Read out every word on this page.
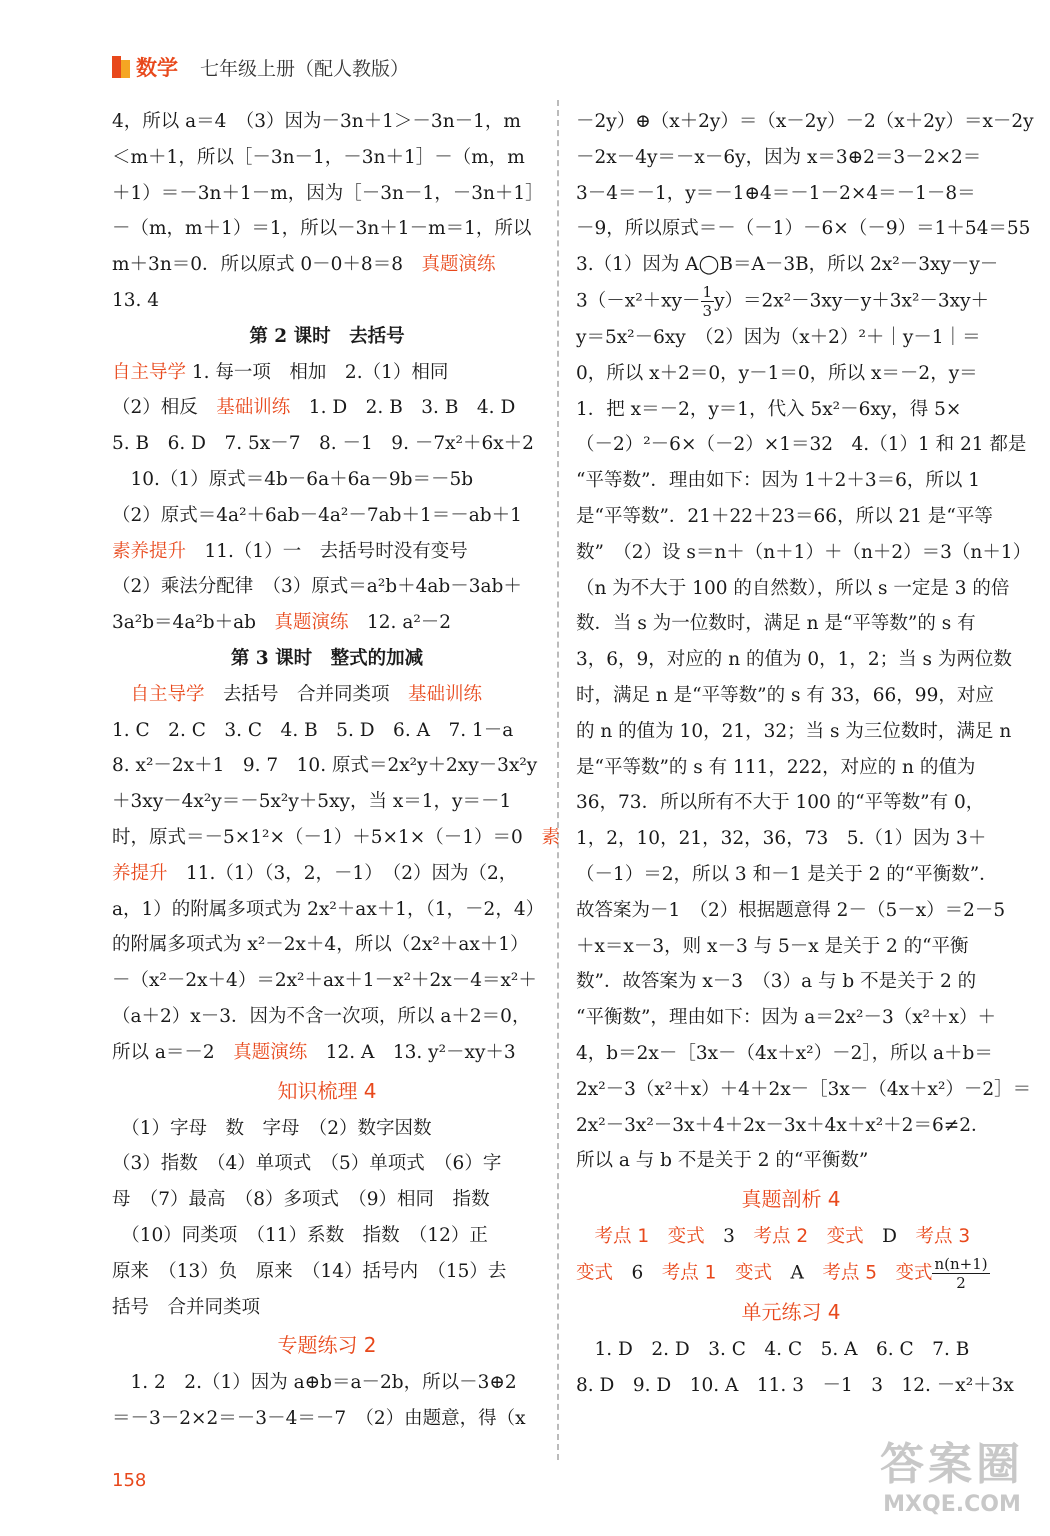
数学 七年级上册（配人教版）
4，所以 a＝4　（3）因为－3n＋1＞－3n－1，m
＜m＋1，所以［－3n－1，－3n＋1］－（m，m
＋1）＝－3n＋1－m，因为［－3n－1，－3n＋1］
－（m，m＋1）＝1，所以－3n＋1－m＝1，所以
m＋3n＝0．所以原式 0－0＋8＝8　真题演练
13. 4
第 2 课时　去括号
自主导学 1. 每一项　相加　2.（1）相同
（2）相反　基础训练　1. D　2. B　3. B　4. D
5. B　6. D　7. 5x－7　8. －1　9. －7x²＋6x＋2
　10.（1）原式＝4b－6a＋6a－9b＝－5b
（2）原式＝4a²＋6ab－4a²－7ab＋1＝－ab＋1
素养提升　11.（1）一　去括号时没有变号
（2）乘法分配律　（3）原式＝a²b＋4ab－3ab＋
3a²b＝4a²b＋ab　真题演练　12. a²－2
第 3 课时　整式的加减
　自主导学　去括号　合并同类项　基础训练
1. C　2. C　3. C　4. B　5. D　6. A　7. 1－a
8. x²－2x＋1　9. 7　10. 原式＝2x²y＋2xy－3x²y
＋3xy－4x²y＝－5x²y＋5xy，当 x＝1，y＝－1
时，原式＝－5×1²×（－1）＋5×1×（－1）＝0　素
养提升　11.（1）（3，2，－1）　（2）因为（2，
a，1）的附属多项式为 2x²＋ax＋1，（1，－2，4）
的附属多项式为 x²－2x＋4，所以（2x²＋ax＋1）
－（x²－2x＋4）＝2x²＋ax＋1－x²＋2x－4＝x²＋
（a＋2）x－3．因为不含一次项，所以 a＋2＝0，
所以 a＝－2　真题演练　12. A　13. y²－xy＋3
知识梳理 4
　（1）字母　数　字母　（2）数字因数
（3）指数　（4）单项式　（5）单项式　（6）字
母　（7）最高　（8）多项式　（9）相同　指数
　（10）同类项　（11）系数　指数　（12）正
原来　（13）负　原来　（14）括号内　（15）去
括号　合并同类项
专题练习 2
　1. 2　2.（1）因为 a⊕b＝a－2b，所以－3⊕2
＝－3－2×2＝－3－4＝－7　（2）由题意，得（x
－2y）⊕（x＋2y）＝（x－2y）－2（x＋2y）＝x－2y
－2x－4y＝－x－6y，因为 x＝3⊕2＝3－2×2＝
3－4＝－1，y＝－1⊕4＝－1－2×4＝－1－8＝
－9，所以原式＝－（－1）－6×（－9）＝1＋54＝55
3.（1）因为 A◯B＝A－3B，所以 2x²－3xy－y－
$3(-x^2+xy- \frac{1}{3} y)=2x^2-3xy-y+3x^2-3xy+$
y＝5x²－6xy　（2）因为（x＋2）²＋｜y－1｜＝
0，所以 x＋2＝0，y－1＝0，所以 x＝－2，y＝
1．把 x＝－2，y＝1，代入 5x²－6xy，得 5×
（－2）²－6×（－2）×1＝32　4.（1）1 和 21 都是
“平等数”．理由如下：因为 1＋2＋3＝6，所以 1
是“平等数”．21＋22＋23＝66，所以 21 是“平等
数”　（2）设 s＝n＋（n＋1）＋（n＋2）＝3（n＋1）
（n 为不大于 100 的自然数），所以 s 一定是 3 的倍
数．当 s 为一位数时，满足 n 是“平等数”的 s 有
3，6，9，对应的 n 的值为 0，1，2；当 s 为两位数
时，满足 n 是“平等数”的 s 有 33，66，99，对应
的 n 的值为 10，21，32；当 s 为三位数时，满足 n
是“平等数”的 s 有 111，222，对应的 n 的值为
36，73．所以所有不大于 100 的“平等数”有 0，
1，2，10，21，32，36，73　5.（1）因为 3＋
（－1）＝2，所以 3 和－1 是关于 2 的“平衡数”．
故答案为－1　（2）根据题意得 2－（5－x）＝2－5
＋x＝x－3，则 x－3 与 5－x 是关于 2 的“平衡
数”．故答案为 x－3　（3）a 与 b 不是关于 2 的
“平衡数”，理由如下：因为 a＝2x²－3（x²＋x）＋
4，b＝2x－［3x－（4x＋x²）－2］，所以 a＋b＝
2x²－3（x²＋x）＋4＋2x－［3x－（4x＋x²）－2］＝
2x²－3x²－3x＋4＋2x－3x＋4x＋x²＋2＝6≠2．
所以 a 与 b 不是关于 2 的“平衡数”
真题剖析 4
　考点 1　变式　3　考点 2　变式　D　考点 3
变式　6　考点 1　变式　A　考点 5　变式 $\frac{n(n+1)}{2}$
单元练习 4
　1. D　2. D　3. C　4. C　5. A　6. C　7. B
8. D　9. D　10. A　11. 3　－1　3　12. －x²＋3x
158	答案圈
MXQE.COM
